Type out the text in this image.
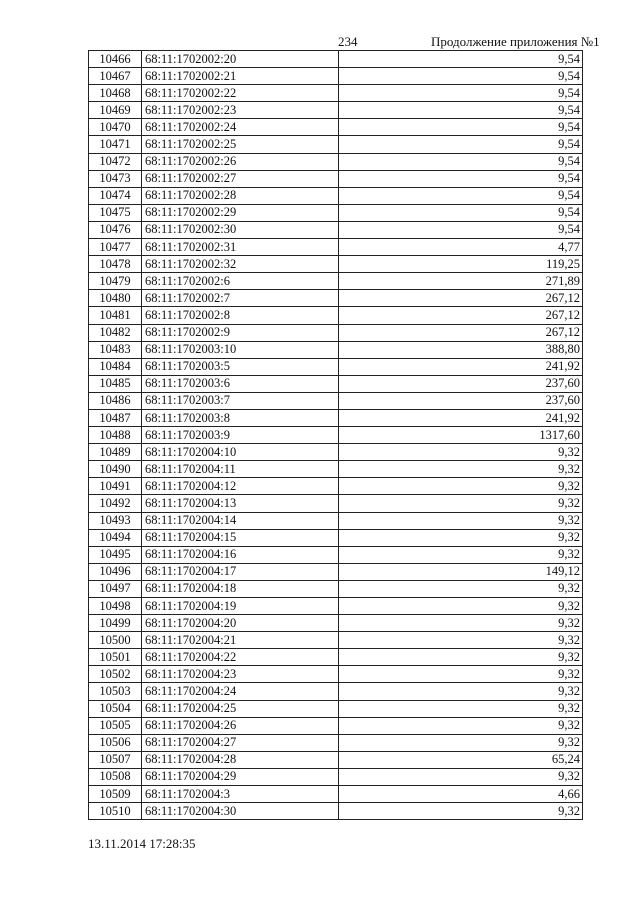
234	Продолжение приложения №1
10466	68:11:1702002:20	9,54
10467	68:11:1702002:21	9,54
10468	68:11:1702002:22	9,54
10469	68:11:1702002:23	9,54
10470	68:11:1702002:24	9,54
10471	68:11:1702002:25	9,54
10472	68:11:1702002:26	9,54
10473	68:11:1702002:27	9,54
10474	68:11:1702002:28	9,54
10475	68:11:1702002:29	9,54
10476	68:11:1702002:30	9,54
10477	68:11:1702002:31	4,77
10478	68:11:1702002:32	119,25
10479	68:11:1702002:6	271,89
10480	68:11:1702002:7	267,12
10481	68:11:1702002:8	267,12
10482	68:11:1702002:9	267,12
10483	68:11:1702003:10	388,80
10484	68:11:1702003:5	241,92
10485	68:11:1702003:6	237,60
10486	68:11:1702003:7	237,60
10487	68:11:1702003:8	241,92
10488	68:11:1702003:9	1317,60
10489	68:11:1702004:10	9,32
10490	68:11:1702004:11	9,32
10491	68:11:1702004:12	9,32
10492	68:11:1702004:13	9,32
10493	68:11:1702004:14	9,32
10494	68:11:1702004:15	9,32
10495	68:11:1702004:16	9,32
10496	68:11:1702004:17	149,12
10497	68:11:1702004:18	9,32
10498	68:11:1702004:19	9,32
10499	68:11:1702004:20	9,32
10500	68:11:1702004:21	9,32
10501	68:11:1702004:22	9,32
10502	68:11:1702004:23	9,32
10503	68:11:1702004:24	9,32
10504	68:11:1702004:25	9,32
10505	68:11:1702004:26	9,32
10506	68:11:1702004:27	9,32
10507	68:11:1702004:28	65,24
10508	68:11:1702004:29	9,32
10509	68:11:1702004:3	4,66
10510	68:11:1702004:30	9,32
13.11.2014 17:28:35
